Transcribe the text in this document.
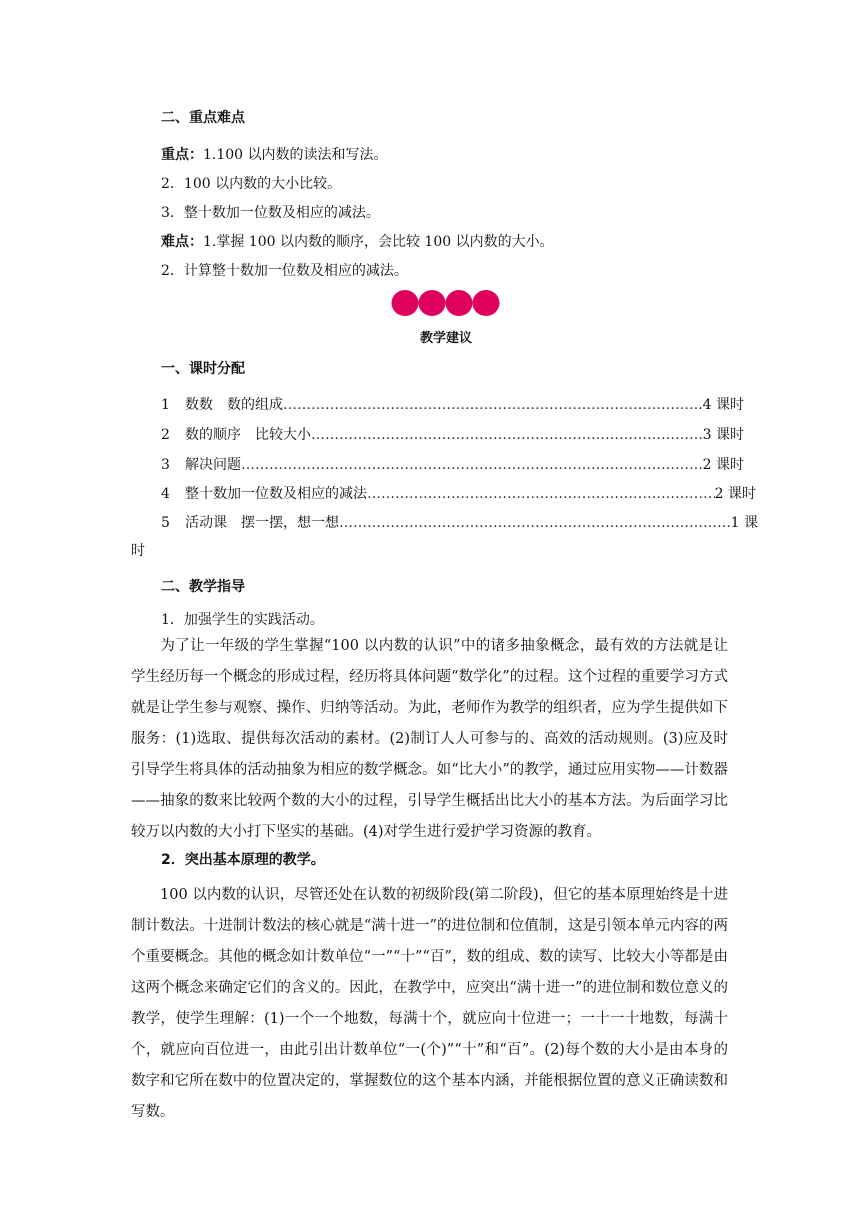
二、重点难点
重点：1.100 以内数的读法和写法。
2．100 以内数的大小比较。
3．整十数加一位数及相应的减法。
难点：1.掌握 100 以内数的顺序，会比较 100 以内数的大小。
2．计算整十数加一位数及相应的减法。
教学建议
一、课时分配
1	数数　数的组成 ……………………………………………………………………………………………………………………………………………………	.4 课时
2	数的顺序　比较大小 ……………………………………………………………………………………………………………………………………………………	3 课时
3	解决问题 ……………………………………………………………………………………………………………………………………………………	2 课时
4	整十数加一位数及相应的减法 ……………………………………………………………………………………………………………………………………………………	2 课时
5	活动课　摆一摆，想一想 ……………………………………………………………………………………………………………………………………………………	1 课
时
二、教学指导
1．加强学生的实践活动。
为了让一年级的学生掌握“100 以内数的认识”中的诸多抽象概念，最有效的方法就是让学生经历每一个概念的形成过程，经历将具体问题“数学化”的过程。这个过程的重要学习方式就是让学生参与观察、操作、归纳等活动。为此，老师作为教学的组织者，应为学生提供如下服务：(1)选取、提供每次活动的素材。(2)制订人人可参与的、高效的活动规则。(3)应及时引导学生将具体的活动抽象为相应的数学概念。如“比大小”的教学，通过应用实物——计数器——抽象的数来比较两个数的大小的过程，引导学生概括出比大小的基本方法。为后面学习比较万以内数的大小打下坚实的基础。(4)对学生进行爱护学习资源的教育。
2．突出基本原理的教学。
100 以内数的认识，尽管还处在认数的初级阶段(第二阶段)，但它的基本原理始终是十进制计数法。十进制计数法的核心就是“满十进一”的进位制和位值制，这是引领本单元内容的两个重要概念。其他的概念如计数单位“一”“十”“百”，数的组成、数的读写、比较大小等都是由这两个概念来确定它们的含义的。因此，在教学中，应突出“满十进一”的进位制和数位意义的教学，使学生理解：(1)一个一个地数，每满十个，就应向十位进一；一十一十地数，每满十个，就应向百位进一，由此引出计数单位“一(个)”“十”和“百”。(2)每个数的大小是由本身的数字和它所在数中的位置决定的，掌握数位的这个基本内涵，并能根据位置的意义正确读数和写数。
